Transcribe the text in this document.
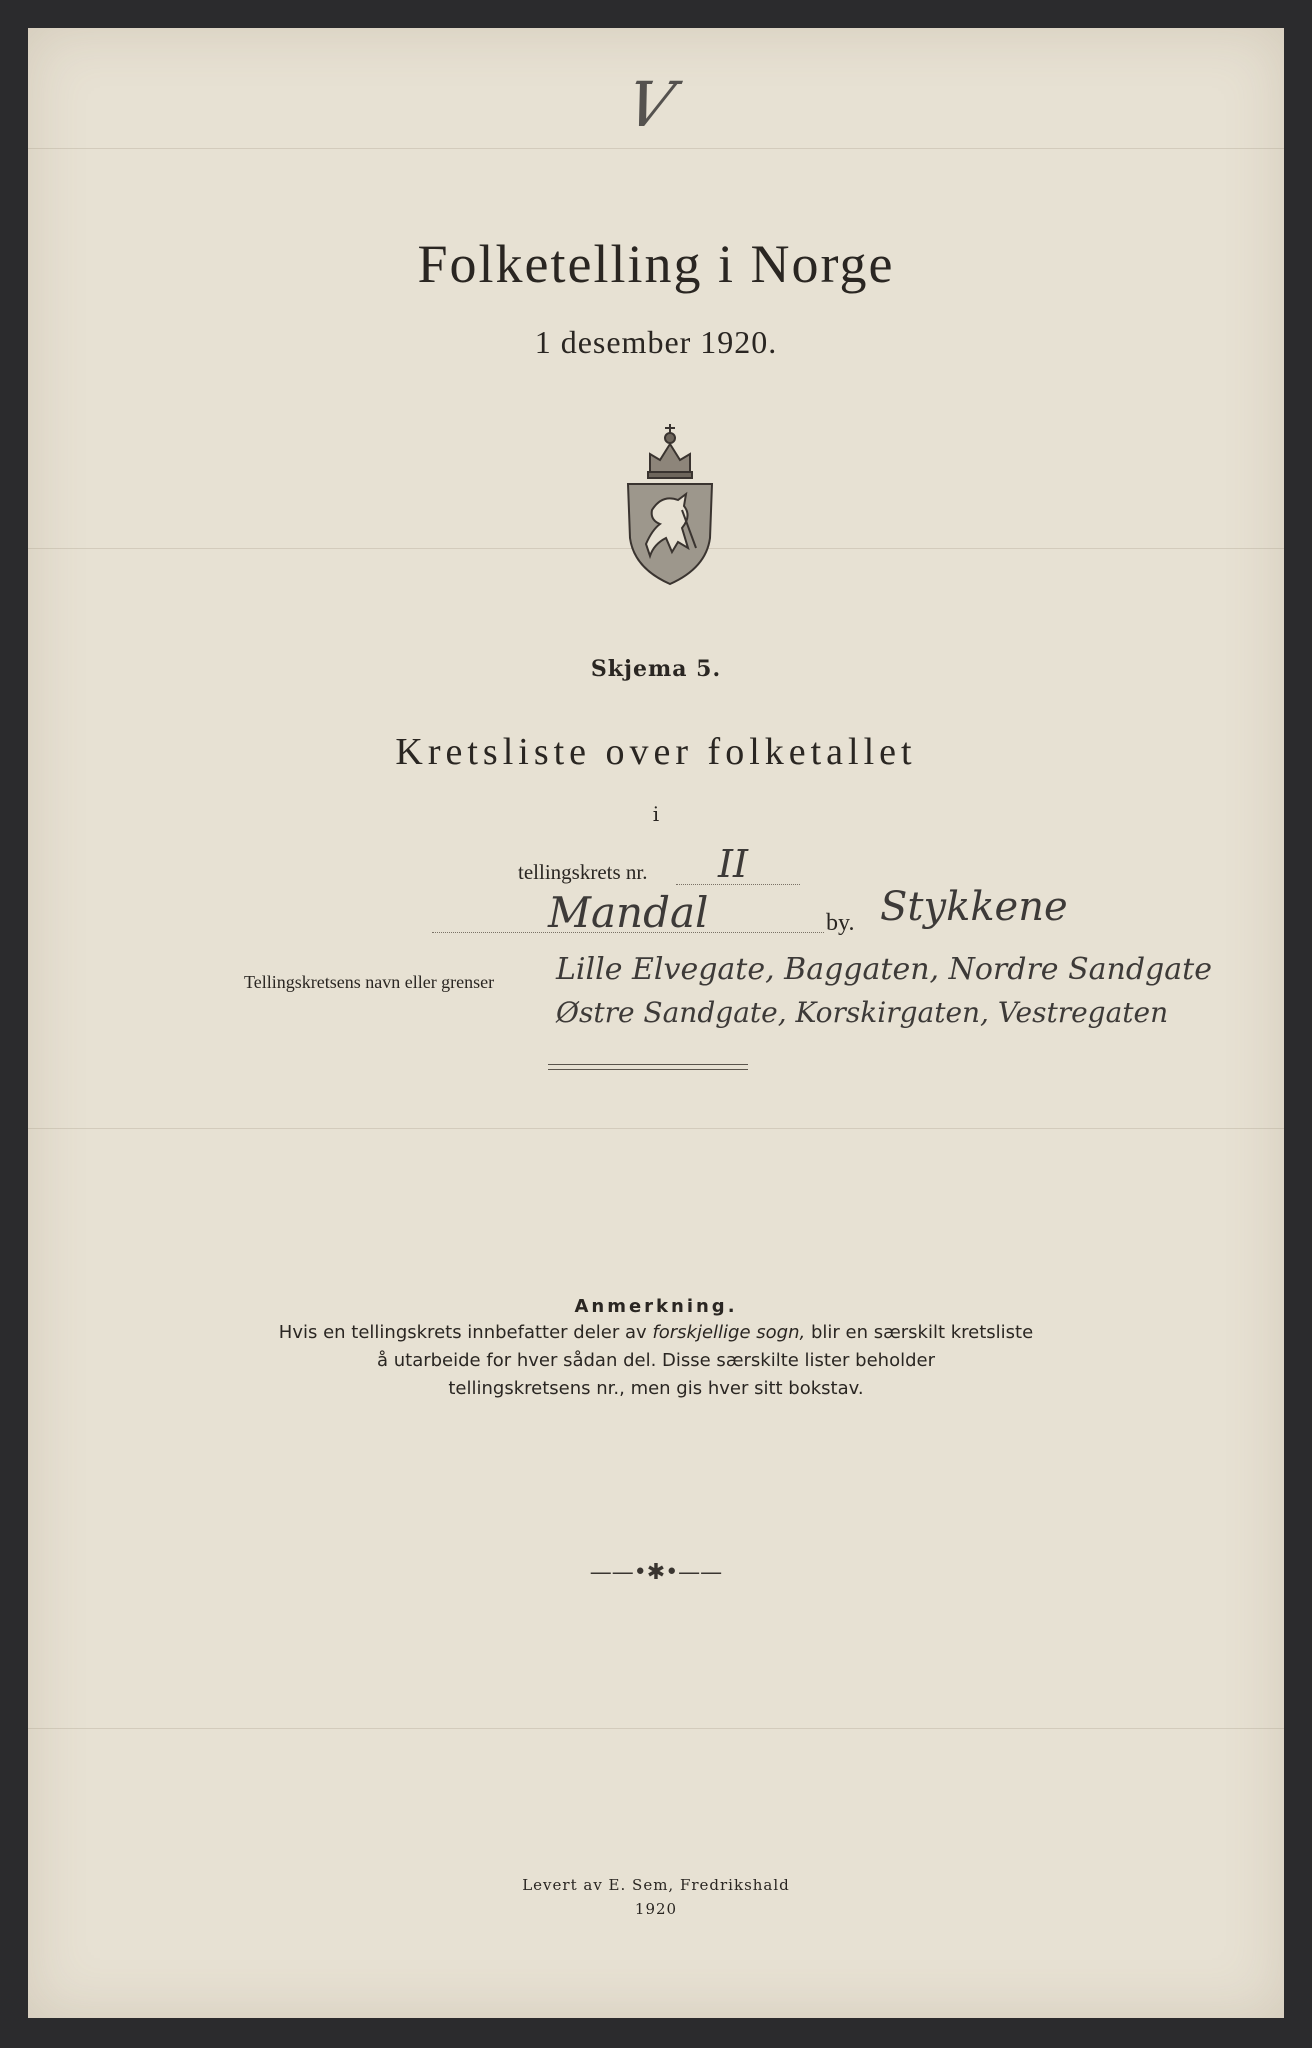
V
Folketelling i Norge
1 desember 1920.
Skjema 5.
Kretsliste over folketallet
i
tellingskrets nr. II
Mandal	by. Stykkene
Tellingskretsens navn eller grenser Lille Elvegate, Baggaten, Nordre Sandgate
Østre Sandgate, Korskirgaten, Vestregaten
Anmerkning.
Hvis en tellingskrets innbefatter deler av forskjellige sogn, blir en særskilt kretsliste
å utarbeide for hver sådan del. Disse særskilte lister beholder
tellingskretsens nr., men gis hver sitt bokstav.
——•✱•——
Levert av E. Sem, Fredrikshald
1920
